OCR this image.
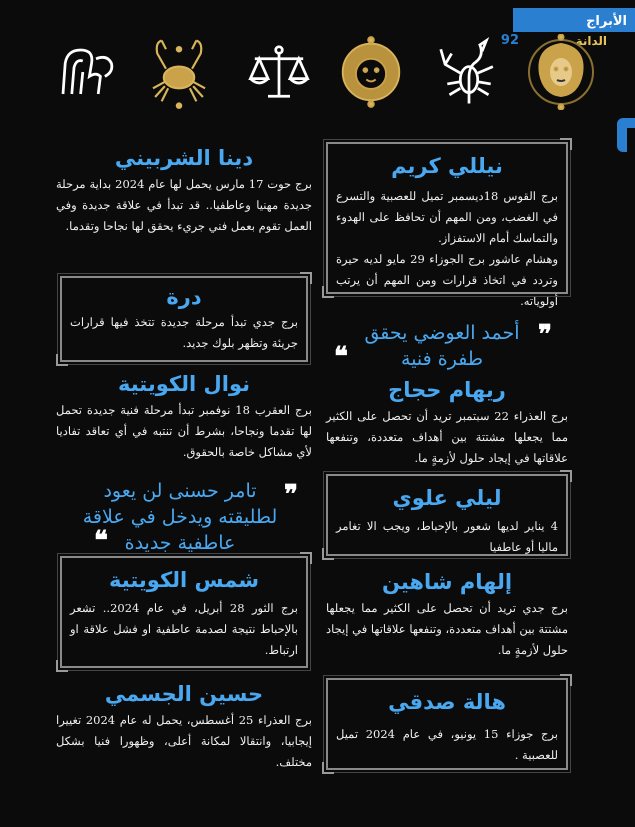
الأبراج
الدانة
92
نيللي كريم
برج القوس 18ديسمبر تميل للعصبية والتسرع في الغضب، ومن المهم أن تحافظ على الهدوء والتماسك أمام الاستفزاز.
وهشام عاشور برج الجوزاء 29 مايو لديه حيرة وتردد في اتخاذ قرارات ومن المهم أن يرتب أولوياته.
❞
أحمد العوضي يحقق طفرة فنية
❝
ريهام حجاج
برج العذراء 22 سبتمبر تريد أن تحصل على الكثير مما يجعلها مشتتة بين أهداف متعددة، وتنفعها علاقاتها في إيجاد حلول لأزمةٍ ما.
ليلي علوي
4 يناير لديها شعور بالإحباط، ويجب الا تغامر ماليا أو عاطفيا
إلهام شاهين
برج جدي تريد أن تحصل على الكثير مما يجعلها مشتتة بين أهداف متعددة، وتنفعها علاقاتها في إيجاد حلول لأزمةٍ ما.
هالة صدقي
برج جوزاء 15 يونيو، في عام 2024 تميل للعصبية .
دينا الشربيني
برج حوت 17 مارس يحمل لها عام 2024 بداية مرحلة جديدة مهنيا وعاطفيا.. قد تبدأ في علاقة جديدة وفي العمل تقوم بعمل فني جريء يحقق لها نجاحا وتقدما.
درة
برج جدي تبدأ مرحلة جديدة تتخذ فيها قرارات جريئة وتظهر بلوك جديد.
نوال الكويتية
برج العقرب 18 نوفمبر تبدأ مرحلة فنية جديدة تحمل لها تقدما ونجاحا، بشرط أن تنتبه في أي تعاقد تفاديا لأي مشاكل خاصة بالحقوق.
❞
تامر حسنى لن يعود لطليقته ويدخل في علاقة عاطفية جديدة
❝
شمس الكويتية
برج الثور 28 أبريل، في عام 2024.. تشعر بالإحباط نتيجة لصدمة عاطفية او فشل علاقة او ارتباط.
حسين الجسمي
برج العذراء 25 أغسطس، يحمل له عام 2024 تغييرا إيجابيا، وانتقالا لمكانة أعلى، وظهورا فنيا بشكل مختلف.
